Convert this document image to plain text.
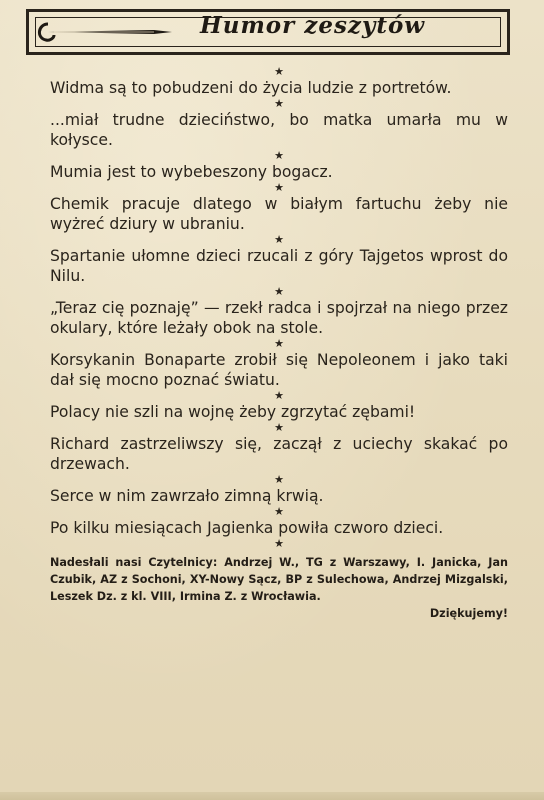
Humor zeszytów
★

Widma są to pobudzeni do życia ludzie z portretów.

★

...miał trudne dzieciństwo, bo matka umarła mu w kołysce.

★

Mumia jest to wybebeszony bogacz.

★

Chemik pracuje dlatego w białym fartuchu żeby nie wyżreć dziury w ubraniu.

★

Spartanie ułomne dzieci rzucali z góry Tajgetos wprost do Nilu.

★

„Teraz cię poznaję” — rzekł radca i spojrzał na niego przez okulary, które leżały obok na stole.

★

Korsykanin Bonaparte zrobił się Nepoleonem i jako taki dał się mocno poznać światu.

★

Polacy nie szli na wojnę żeby zgrzytać zębami!

★

Richard zastrzeliwszy się, zaczął z uciechy skakać po drzewach.

★

Serce w nim zawrzało zimną krwią.

★

Po kilku miesiącach Jagienka powiła czworo dzieci.

★
Nadesłali nasi Czytelnicy: Andrzej W., TG z Warszawy, I. Janicka, Jan Czubik, AZ z Sochoni, XY-Nowy Sącz, BP z Sulechowa, Andrzej Mizgalski, Leszek Dz. z kl. VIII, Irmina Z. z Wrocławia.
Dziękujemy!
